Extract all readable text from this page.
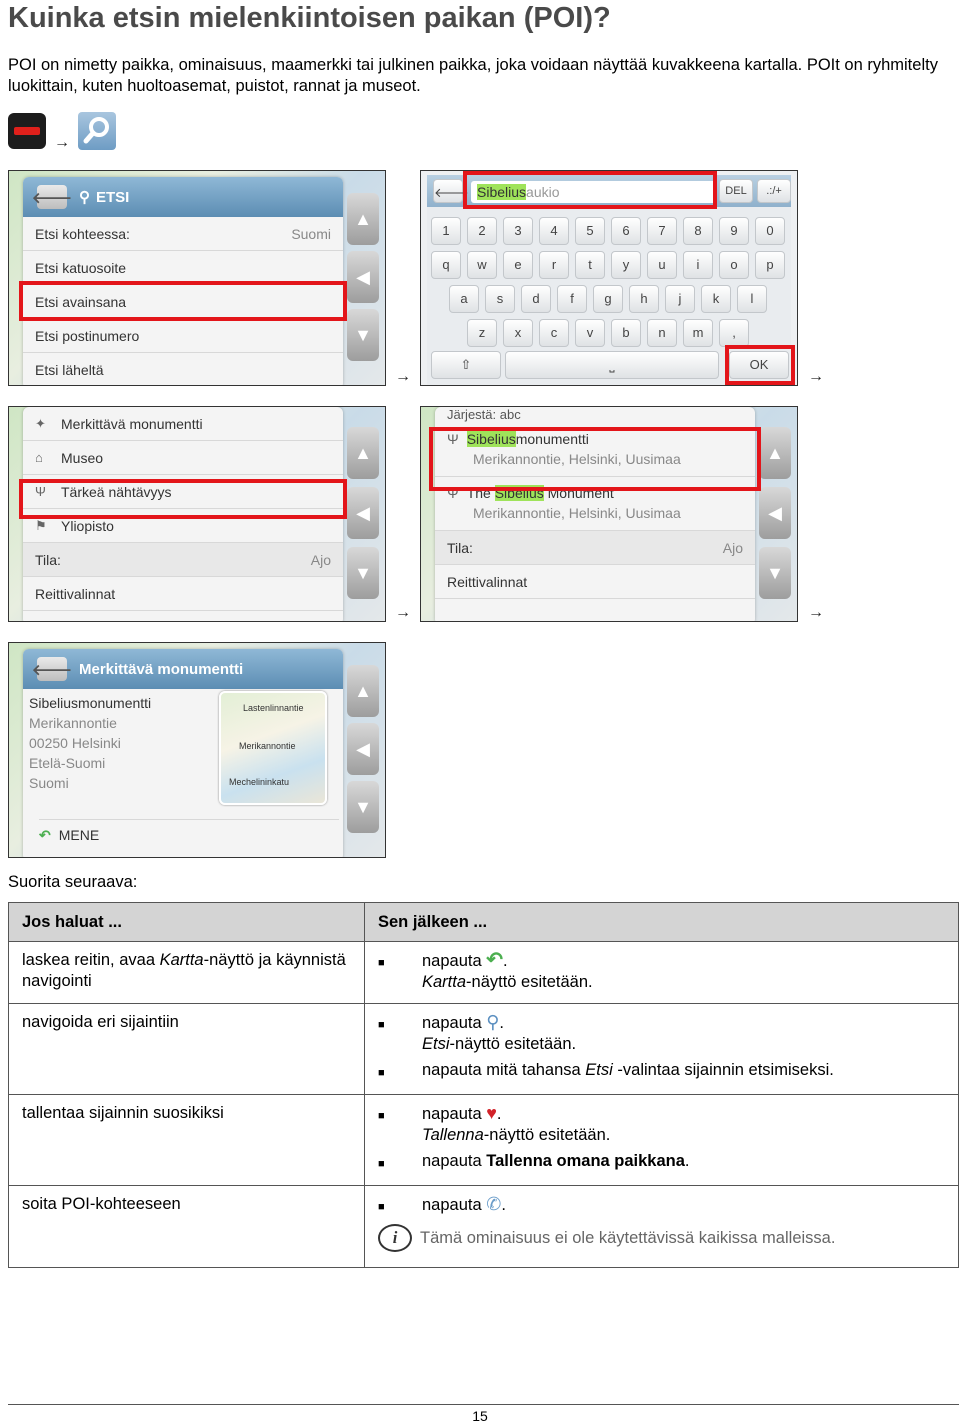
Kuinka etsin mielenkiintoisen paikan (POI)?

POI on nimetty paikka, ominaisuus, maamerkki tai julkinen paikka, joka voidaan näyttää kuvakkeena kartalla. POIt on ryhmitelty luokittain, kuten huoltoasemat, puistot, rannat ja museot.

→
🡐 ⚲ ETSI
Etsi kohteessa:	Suomi
Etsi katuosoite
Etsi avainsana
Etsi postinumero
Etsi läheltä
▲
◀
▼
→
🡐 Sibeliusaukio	DEL	.:/+
1	2	3	4	5	6	7	8	9	0
q	w	e	r	t	y	u	i	o	p
a	s	d	f	g	h	j	k	l
z	x	c	v	b	n	m	,
⇧	⎵	OK
→
✦	Merkittävä monumentti
⌂	Museo
Ψ	Tärkeä nähtävyys
⚑	Yliopisto
Tila:	Ajo
Reittivalinnat
▲
◀
▼
→
Järjestä: abc
Ψ Sibeliusmonumentti
Merikannontie, Helsinki, Uusimaa
Ψ The Sibelius Monument
Merikannontie, Helsinki, Uusimaa
Tila:	Ajo
Reittivalinnat
▲
◀
▼
→
🡐 Merkittävä monumentti
Sibeliusmonumentti
Merikannontie
00250 Helsinki
Etelä-Suomi
Suomi
Lastenlinnantie
Merikannontie
Mechelininkatu
↶ MENE
▲
◀
▼
Suorita seuraava:
Jos haluat ...	Sen jälkeen ...
laskea reitin, avaa Kartta-näyttö ja käynnistä navigointi	■ napauta ↶.
Kartta-näyttö esitetään.

navigoida eri sijaintiin	■ napauta ⚲.
Etsi-näyttö esitetään.
■ napauta mitä tahansa Etsi -valintaa sijainnin etsimiseksi.

tallentaa sijainnin suosikiksi	■ napauta ♥.
Tallenna-näyttö esitetään.
■ napauta Tallenna omana paikkana.

soita POI-kohteeseen	■ napauta ✆.
i Tämä ominaisuus ei ole käytettävissä kaikissa malleissa.
15
